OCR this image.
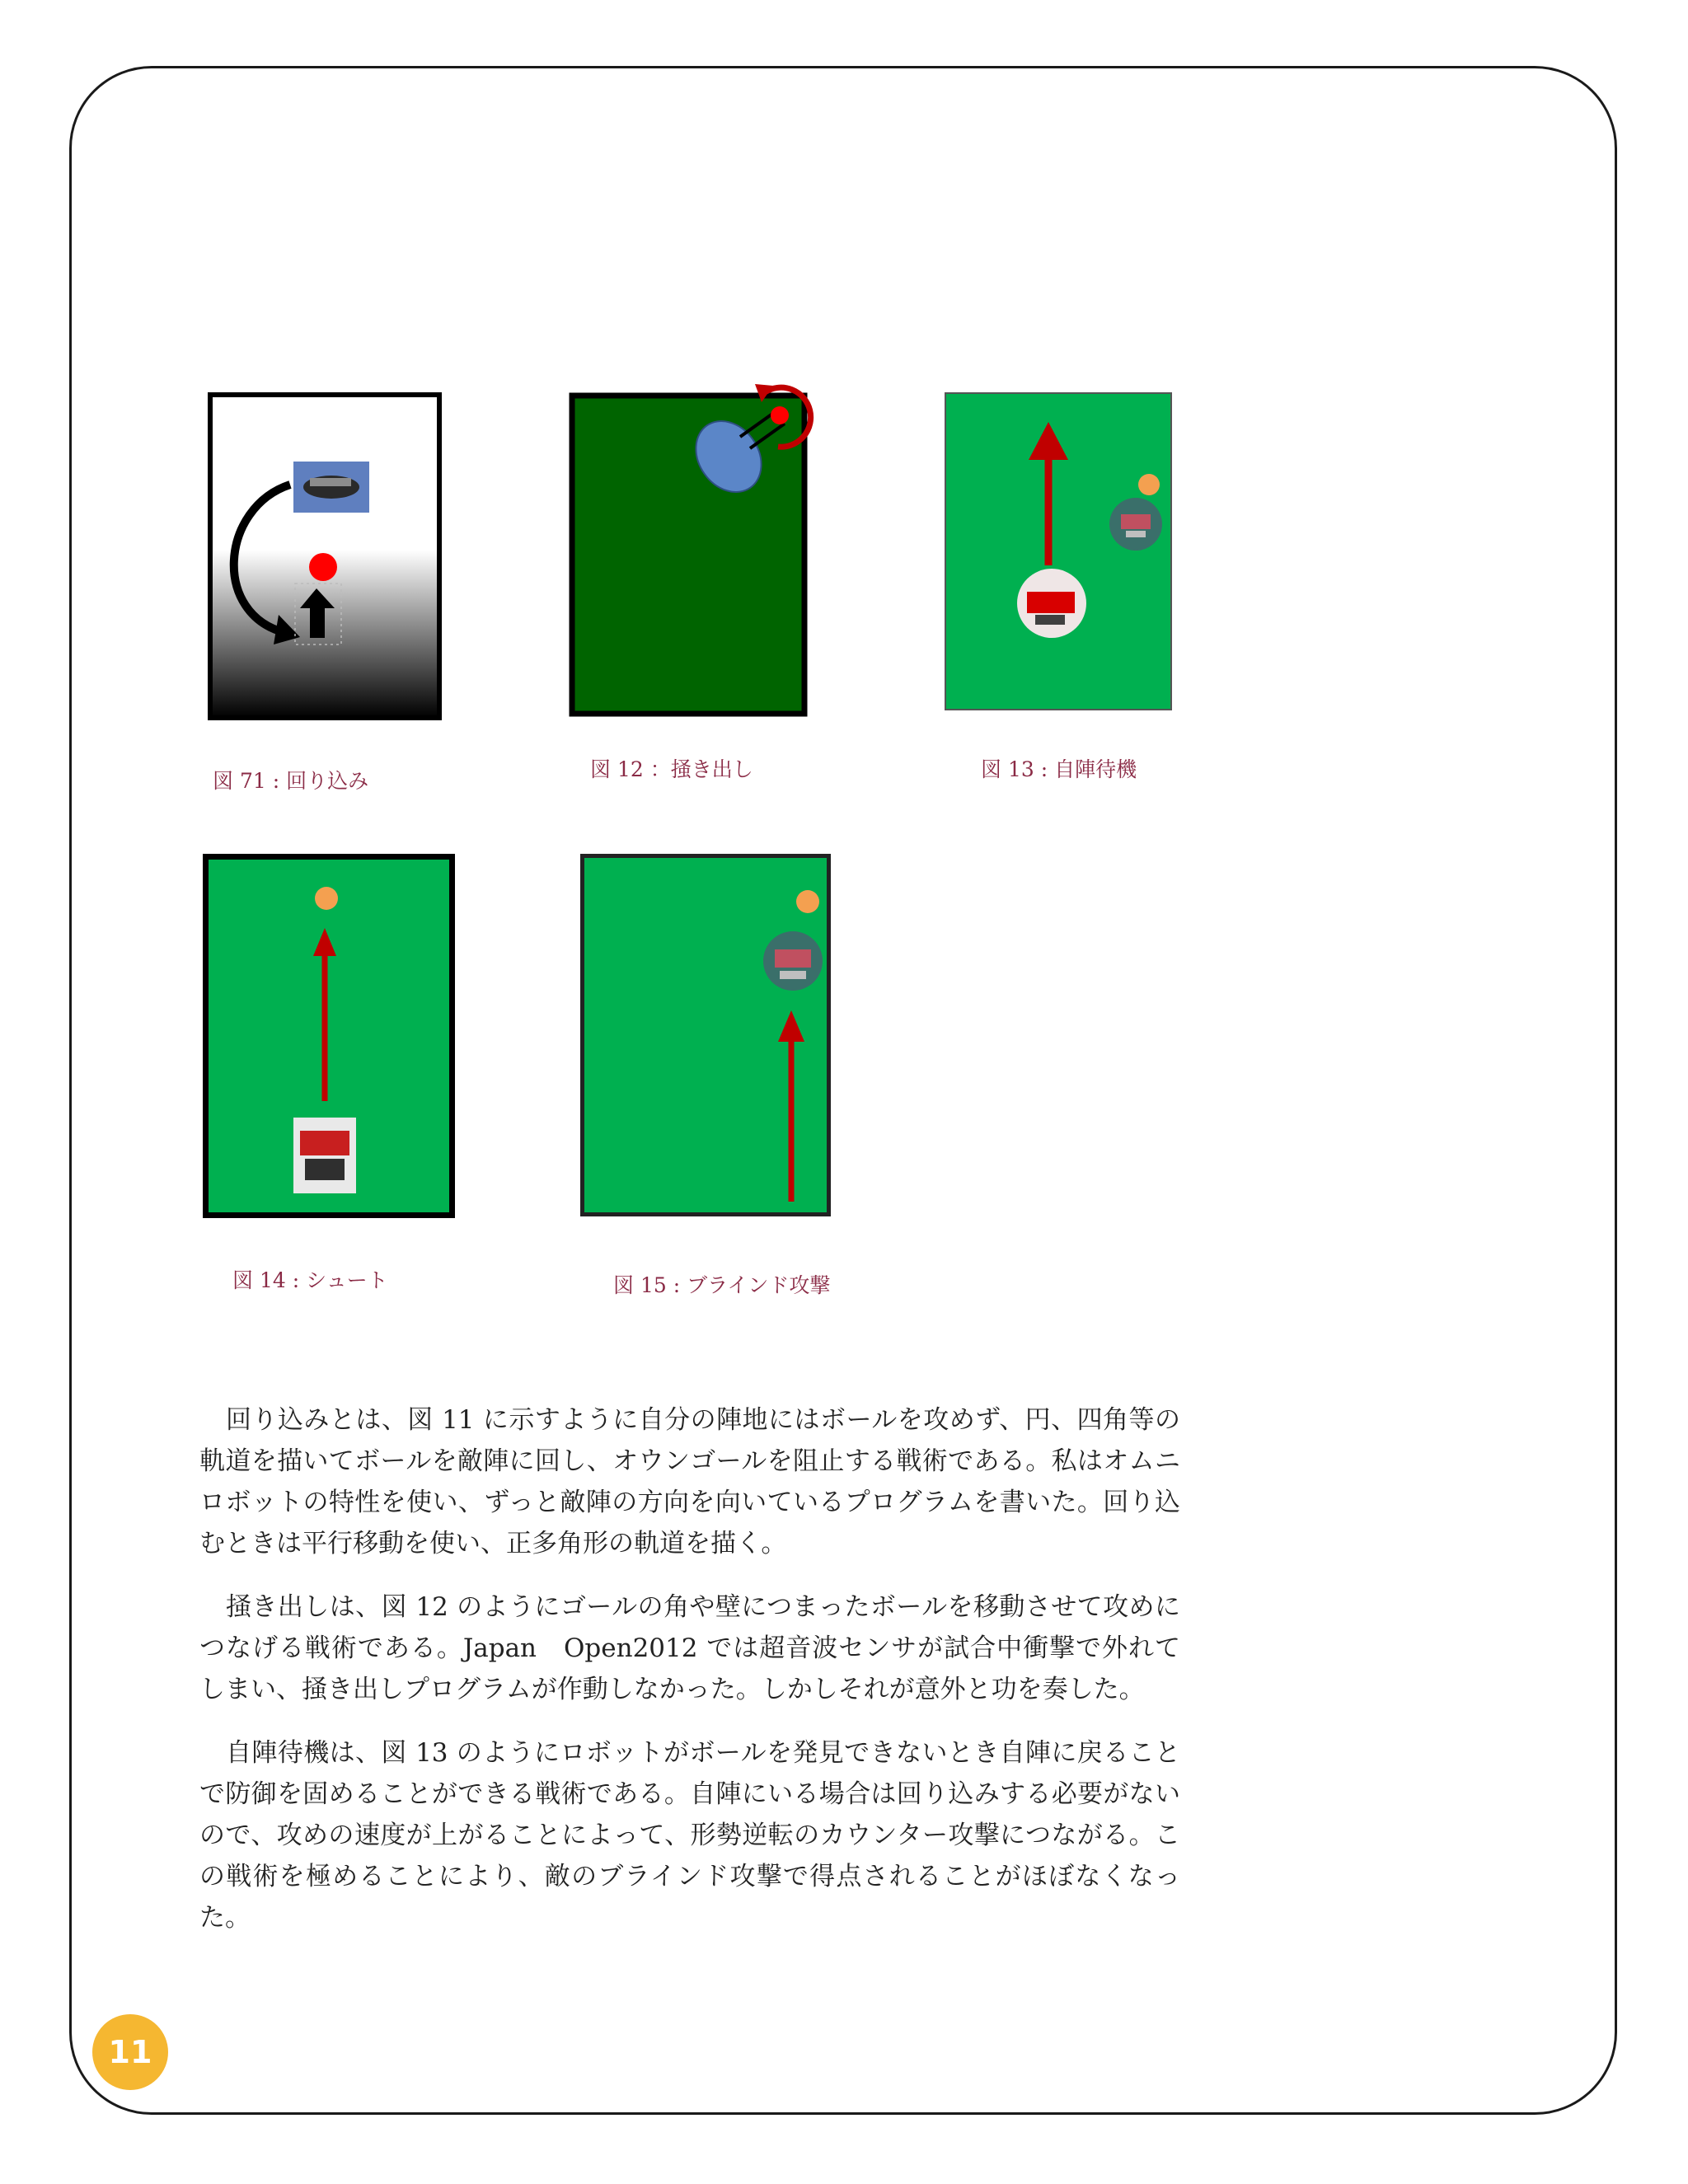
図 71 : 回り込み	図 12 ：掻き出し	図 13 : 自陣待機
図 14 : シュート	図 15 : ブラインド攻撃

回り込みとは、図 11 に示すように自分の陣地にはボールを攻めず、円、四角等の軌道を描いてボールを敵陣に回し、オウンゴールを阻止する戦術である。私はオムニロボットの特性を使い、ずっと敵陣の方向を向いているプログラムを書いた。回り込むときは平行移動を使い、正多角形の軌道を描く。

掻き出しは、図 12 のようにゴールの角や壁につまったボールを移動させて攻めにつなげる戦術である。Japan　Open2012 では超音波センサが試合中衝撃で外れてしまい、掻き出しプログラムが作動しなかった。しかしそれが意外と功を奏した。

自陣待機は、図 13 のようにロボットがボールを発見できないとき自陣に戻ることで防御を固めることができる戦術である。自陣にいる場合は回り込みする必要がないので、攻めの速度が上がることによって、形勢逆転のカウンター攻撃につながる。この戦術を極めることにより、敵のブラインド攻撃で得点されることがほぼなくなった。

11
